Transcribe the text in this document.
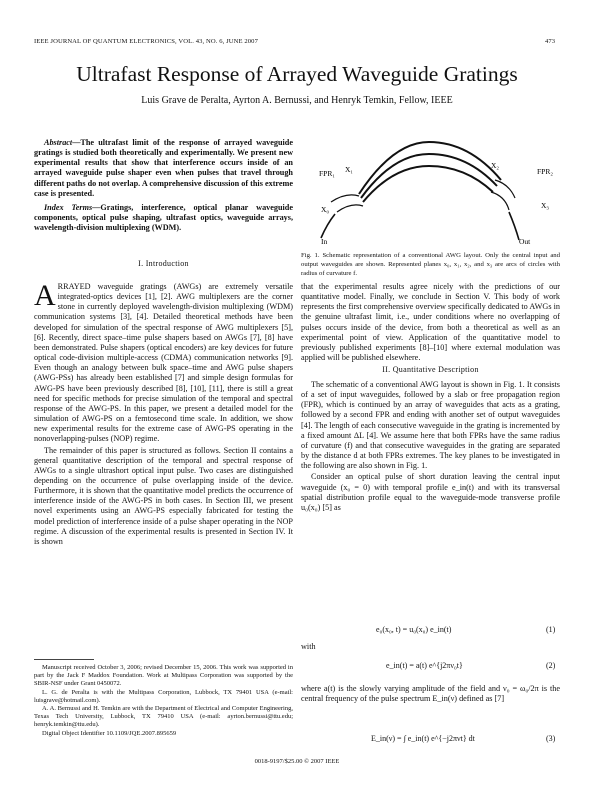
IEEE JOURNAL OF QUANTUM ELECTRONICS, VOL. 43, NO. 6, JUNE 2007	473
Ultrafast Response of Arrayed Waveguide Gratings
Luis Grave de Peralta, Ayrton A. Bernussi, and Henryk Temkin, Fellow, IEEE

Abstract—The ultrafast limit of the response of arrayed waveguide gratings is studied both theoretically and experimentally. We present new experimental results that show that interference occurs inside of an arrayed waveguide pulse shaper even when pulses that travel through different paths do not overlap. A comprehensive discussion of this extreme case is presented.

Index Terms—Gratings, interference, optical planar waveguide components, optical pulse shaping, ultrafast optics, waveguide arrays, wavelength-division multiplexing (WDM).

I. Introduction

ARRAYED waveguide gratings (AWGs) are extremely versatile integrated-optics devices [1], [2]. AWG multiplexers are the corner stone in currently deployed wavelength-division multiplexing (WDM) communication systems [3], [4]. Detailed theoretical methods have been developed for simulation of the spectral response of AWG multiplexers [5], [6]. Recently, direct space–time pulse shapers based on AWGs [7], [8] have been demonstrated. Pulse shapers (optical encoders) are key devices for future optical code-division multiple-access (CDMA) communication networks [9]. Even though an analogy between bulk space–time and AWG pulse shapers (AWG-PSs) has already been established [7] and simple design formulas for AWG-PS have been previously described [8], [10], [11], there is still a great need for specific methods for precise simulation of the temporal and spectral response of the AWG-PS. In this paper, we present a detailed model for the simulation of AWG-PS on a femtosecond time scale. In addition, we show new experimental results for the extreme case of AWG-PS operating in the nonoverlapping-pulses (NOP) regime.

The remainder of this paper is structured as follows. Section II contains a general quantitative description of the temporal and spectral response of AWGs to a single ultrashort optical input pulse. Two cases are distinguished depending on the occurrence of pulse overlapping inside of the device. Furthermore, it is shown that the quantitative model predicts the occurrence of interference inside of the AWG-PS in both cases. In Section III, we present novel experiments using an AWG-PS especially fabricated for testing the model prediction of interference inside of a pulse shaper operating in the NOP regime. A discussion of the experimental results is presented in Section IV. It is shown

Manuscript received October 3, 2006; revised December 15, 2006. This work was supported in part by the Jack F Maddox Foundation. Work at Multipass Corporation was supported by the SBIR-NSF under Grant 0450072.

L. G. de Peralta is with the Multipass Corporation, Lubbock, TX 79401 USA (e-mail: luisgrave@hotmail.com).

A. A. Bernussi and H. Temkin are with the Department of Electrical and Computer Engineering, Texas Tech University, Lubbock, TX 79410 USA (e-mail: ayrton.bernussi@ttu.edu; henryk.temkin@ttu.edu).

Digital Object Identifier 10.1109/JQE.2007.895659

FPR₁	FPR₂
X₁	X₂
X₀	X₃
In	Out
Fig. 1. Schematic representation of a conventional AWG layout. Only the central input and output waveguides are shown. Represented planes x₀, x₁, x₂, and x₃ are arcs of circles with radius of curvature f.

that the experimental results agree nicely with the predictions of our quantitative model. Finally, we conclude in Section V. This body of work represents the first comprehensive overview specifically dedicated to AWGs in the genuine ultrafast limit, i.e., under conditions where no overlapping of pulses occurs inside of the device, from both a theoretical as well as an experimental point of view. Application of the quantitative model to previously published experiments [8]–[10] where external modulation was applied will be published elsewhere.

II. Quantitative Description

The schematic of a conventional AWG layout is shown in Fig. 1. It consists of a set of input waveguides, followed by a slab or free propagation region (FPR), which is continued by an array of waveguides that acts as a grating, followed by a second FPR and ending with another set of output waveguides [4]. The length of each consecutive waveguide in the grating is incremented by a fixed amount ΔL [4]. We assume here that both FPRs have the same radius of curvature (f) and that consecutive waveguides in the grating are separated by the distance d at both FPRs extremes. The key planes to be investigated in the following are also shown in Fig. 1.

Consider an optical pulse of short duration leaving the central input waveguide (x₀ = 0) with temporal profile e_in(t) and with its transversal spatial distribution profile equal to the waveguide-mode transverse profile u₀(x₀) [5] as

e₀(x₀, t) = u₀(x₀) e_in(t)	(1)
with
e_in(t) = a(t) e^{j2πν₀t}	(2)

where a(t) is the slowly varying amplitude of the field and ν₀ = ω₀/2π is the central frequency of the pulse spectrum E_in(ν) defined as [7]

E_in(ν) = ∫ e_in(t) e^{−j2πνt} dt	(3)
0018-9197/$25.00 © 2007 IEEE
